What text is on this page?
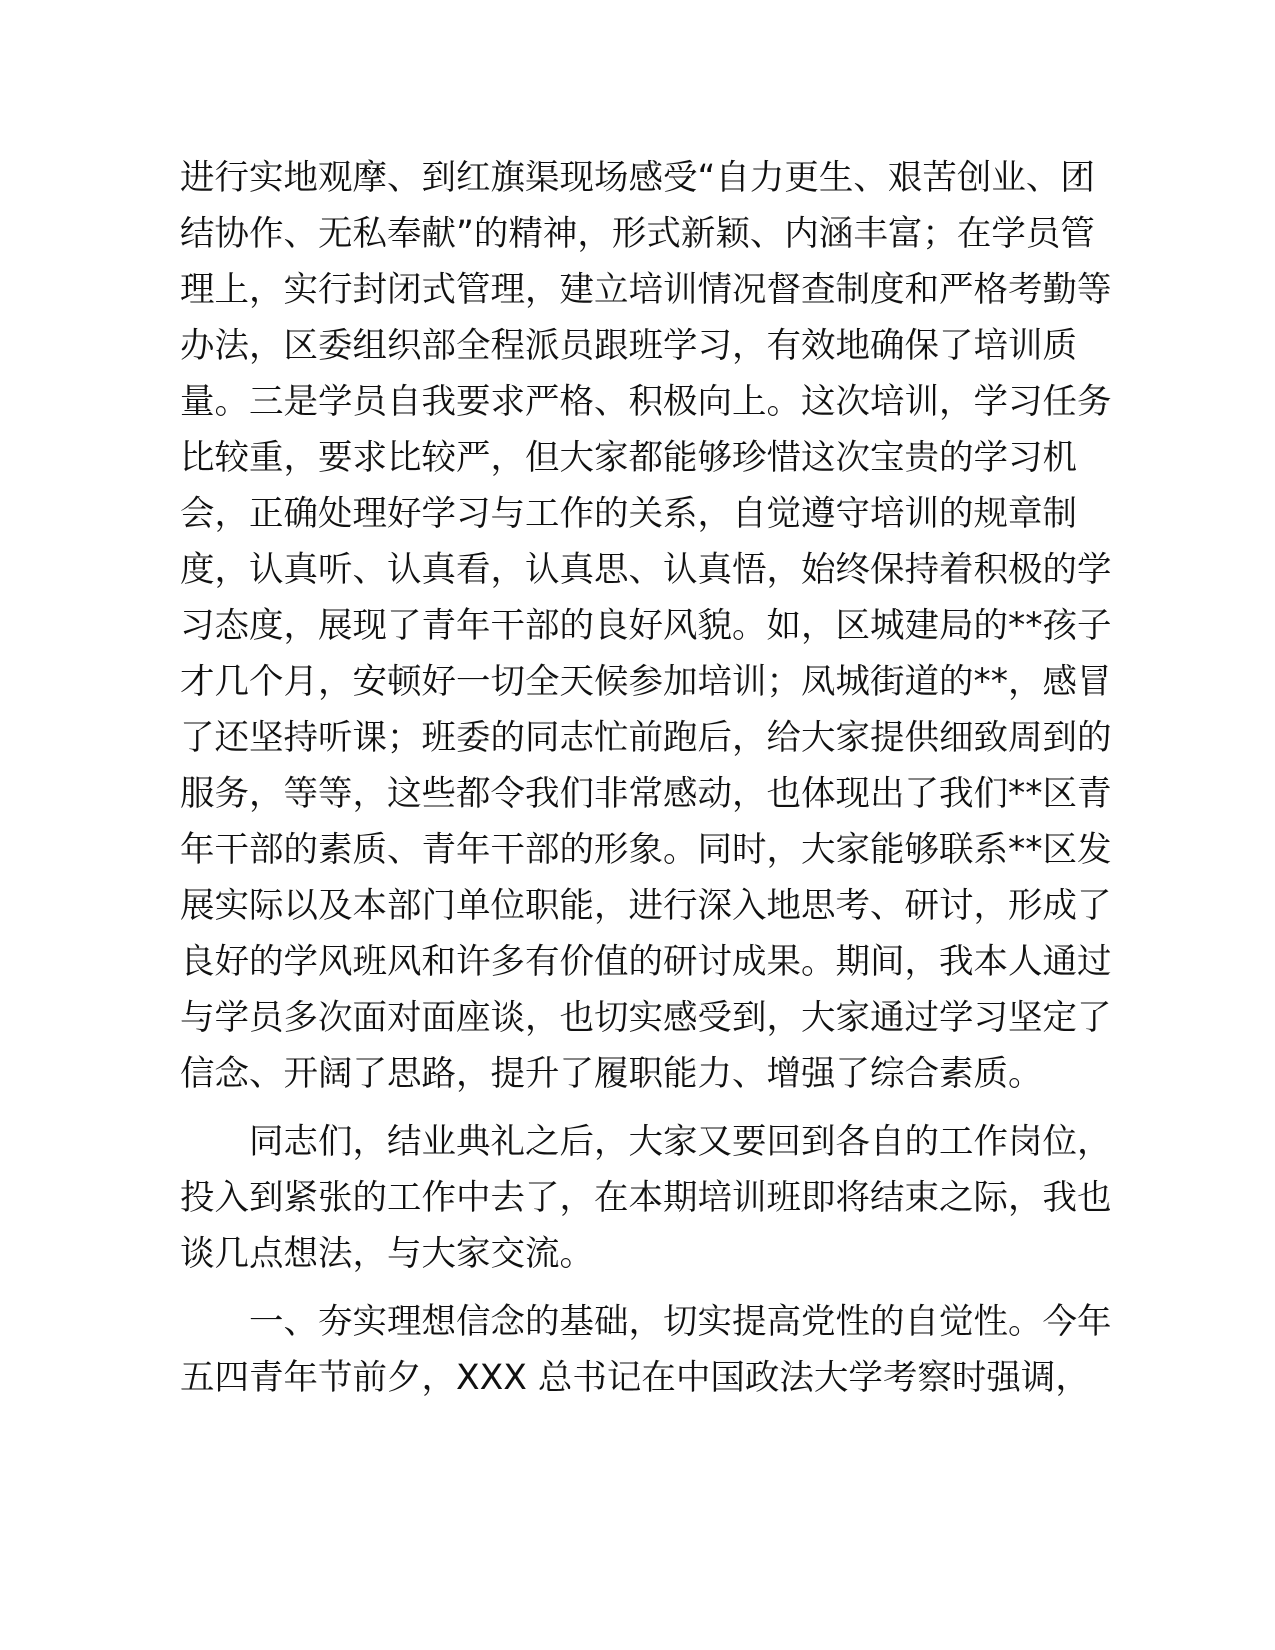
进行实地观摩、到红旗渠现场感受“自力更生、艰苦创业、团
结协作、无私奉献”的精神，形式新颖、内涵丰富；在学员管
理上，实行封闭式管理，建立培训情况督查制度和严格考勤等
办法，区委组织部全程派员跟班学习，有效地确保了培训质
量。三是学员自我要求严格、积极向上。这次培训，学习任务
比较重，要求比较严，但大家都能够珍惜这次宝贵的学习机
会，正确处理好学习与工作的关系，自觉遵守培训的规章制
度，认真听、认真看，认真思、认真悟，始终保持着积极的学
习态度，展现了青年干部的良好风貌。如，区城建局的**孩子
才几个月，安顿好一切全天候参加培训；凤城街道的**，感冒
了还坚持听课；班委的同志忙前跑后，给大家提供细致周到的
服务，等等，这些都令我们非常感动，也体现出了我们**区青
年干部的素质、青年干部的形象。同时，大家能够联系**区发
展实际以及本部门单位职能，进行深入地思考、研讨，形成了
良好的学风班风和许多有价值的研讨成果。期间，我本人通过
与学员多次面对面座谈，也切实感受到，大家通过学习坚定了
信念、开阔了思路，提升了履职能力、增强了综合素质。
　　同志们，结业典礼之后，大家又要回到各自的工作岗位，
投入到紧张的工作中去了，在本期培训班即将结束之际，我也
谈几点想法，与大家交流。
　　一、夯实理想信念的基础，切实提高党性的自觉性。今年
五四青年节前夕，XXX 总书记在中国政法大学考察时强调，
